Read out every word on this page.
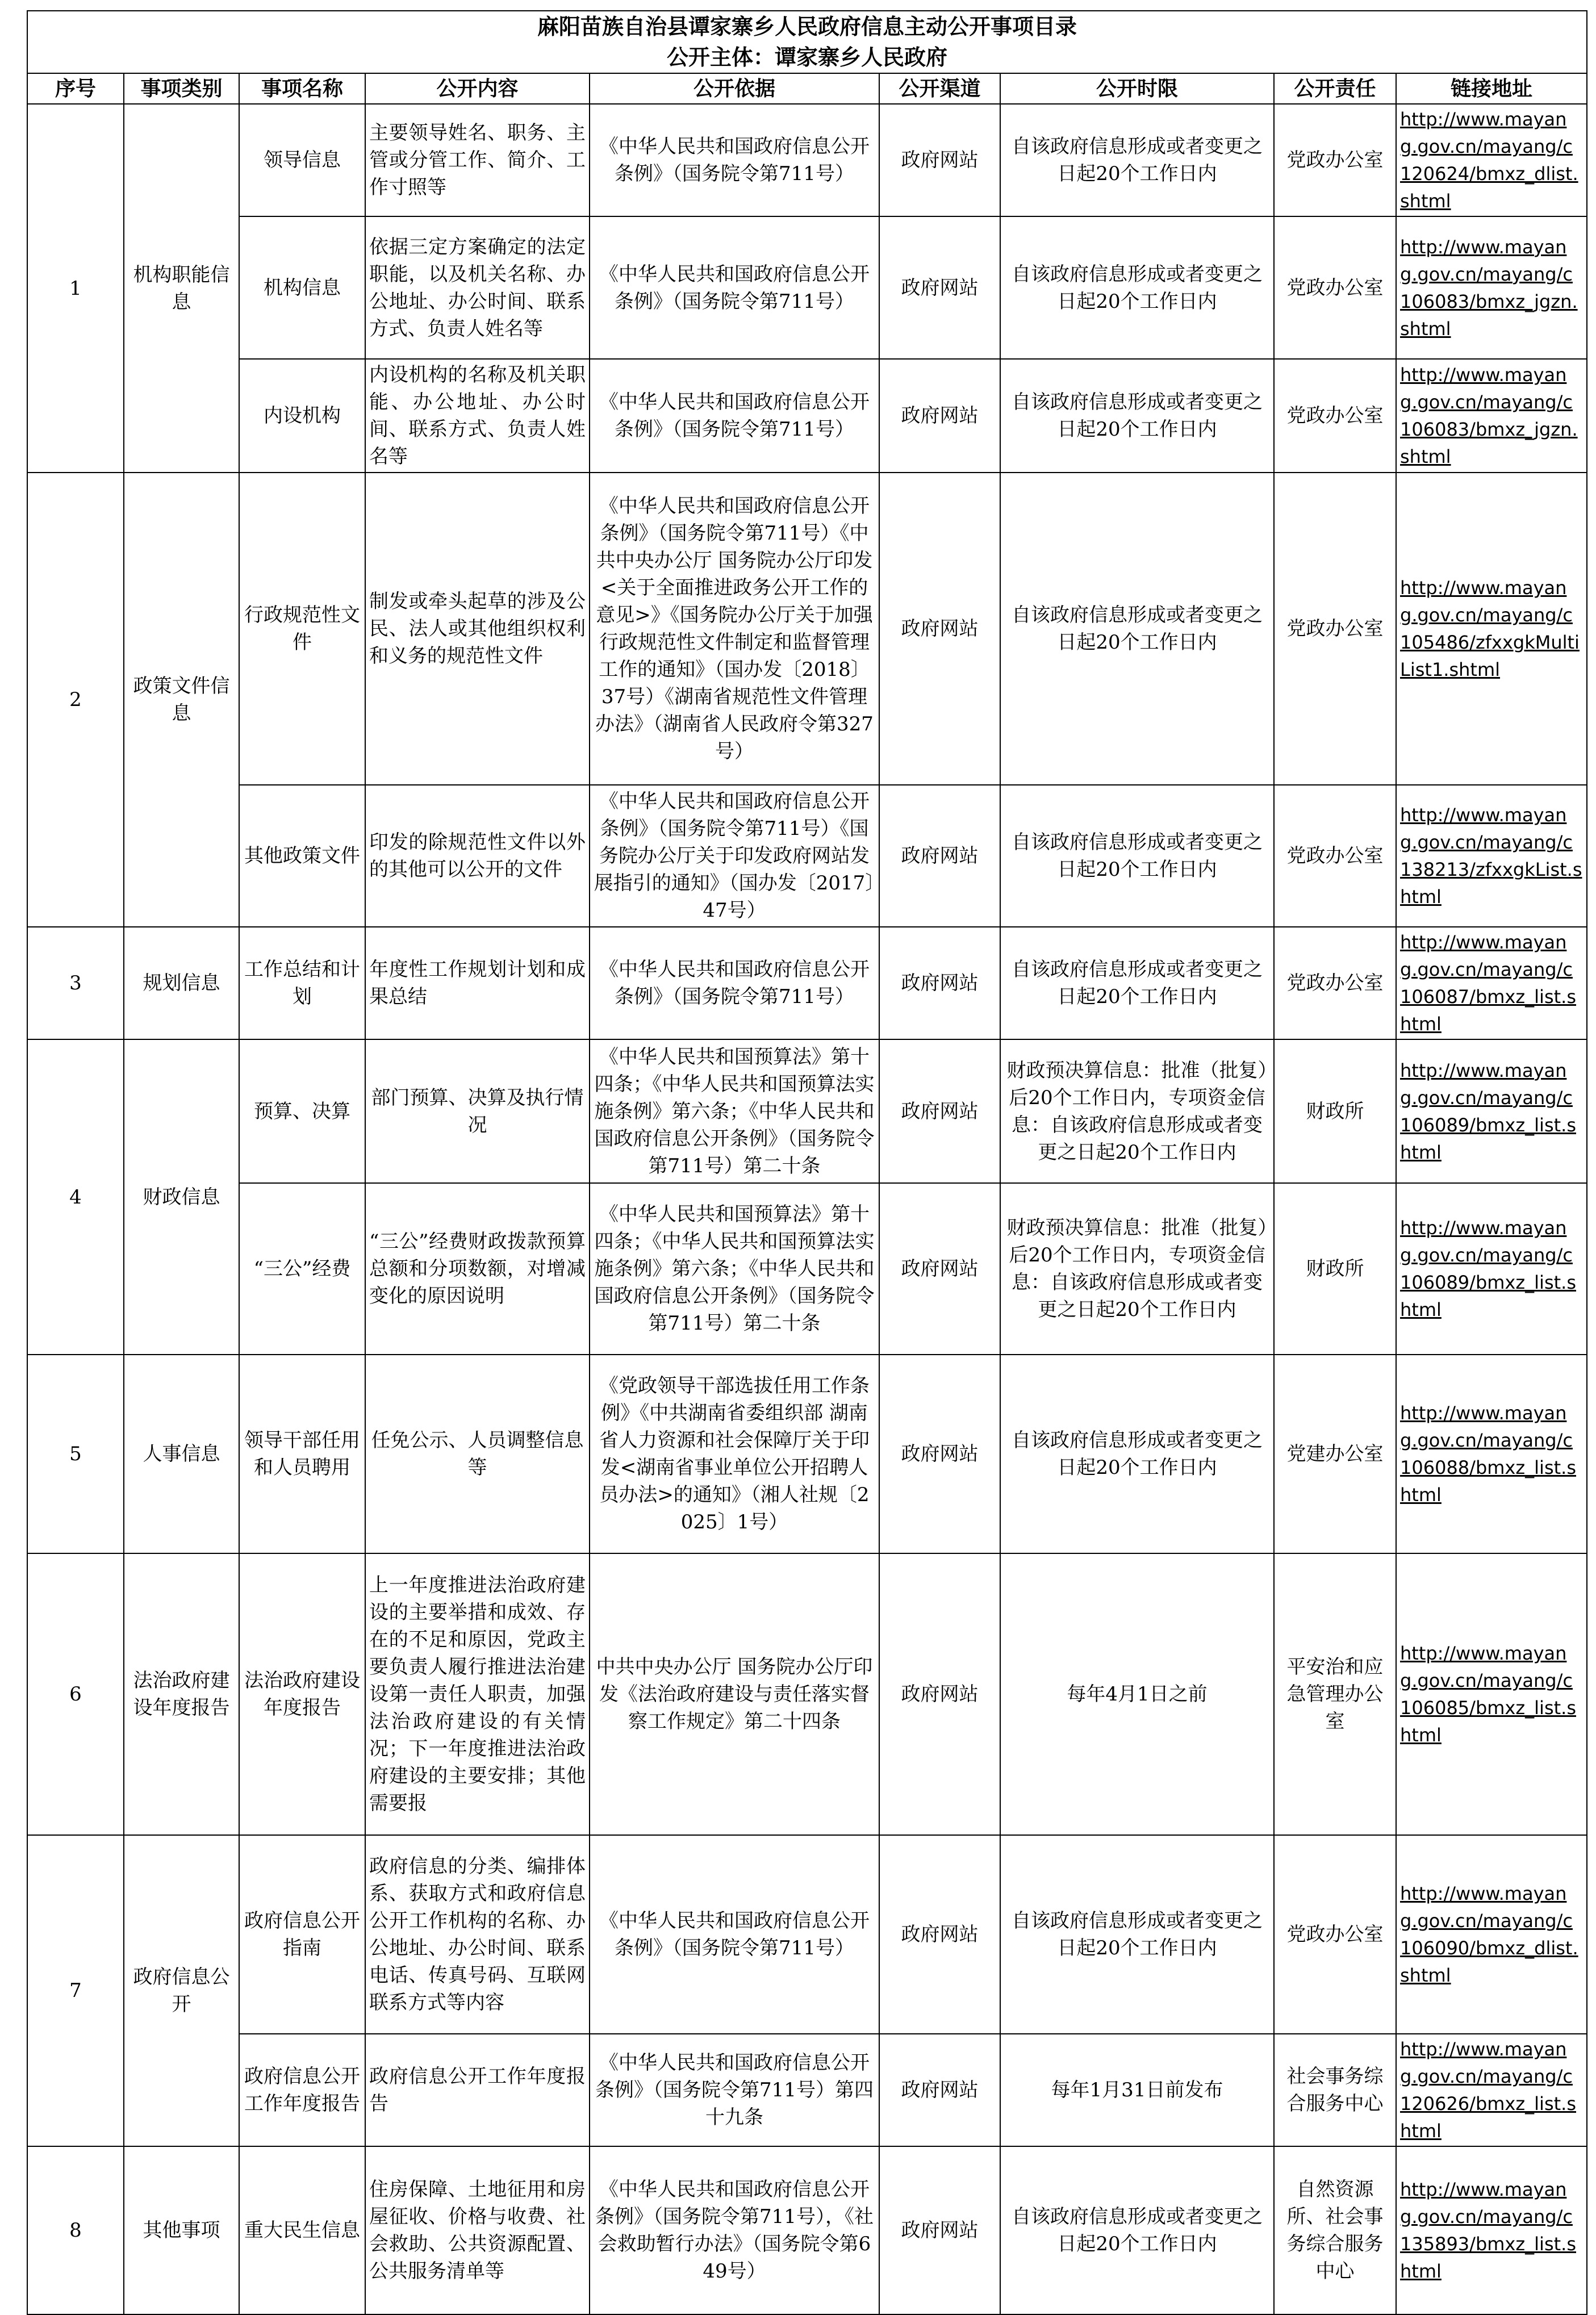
麻阳苗族自治县谭家寨乡人民政府信息主动公开事项目录								
公开主体：谭家寨乡人民政府								
序号	事项类别	事项名称	公开内容	公开依据	公开渠道	公开时限	公开责任	链接地址
1	机构职能信息	领导信息	主要领导姓名、职务、主管或分管工作、简介、工作寸照等	《中华人民共和国政府信息公开条例》（国务院令第711号）	政府网站	自该政府信息形成或者变更之日起20个工作日内	党政办公室	http://www.mayang.gov.cn/mayang/c120624/bmxz_dlist.shtml
		机构信息	依据三定方案确定的法定职能，以及机关名称、办公地址、办公时间、联系方式、负责人姓名等	《中华人民共和国政府信息公开条例》（国务院令第711号）	政府网站	自该政府信息形成或者变更之日起20个工作日内	党政办公室	http://www.mayang.gov.cn/mayang/c106083/bmxz_jgzn.shtml
		内设机构	内设机构的名称及机关职能、办公地址、办公时间、联系方式、负责人姓名等	《中华人民共和国政府信息公开条例》（国务院令第711号）	政府网站	自该政府信息形成或者变更之日起20个工作日内	党政办公室	http://www.mayang.gov.cn/mayang/c106083/bmxz_jgzn.shtml
2	政策文件信息	行政规范性文件	制发或牵头起草的涉及公民、法人或其他组织权利和义务的规范性文件	《中华人民共和国政府信息公开条例》（国务院令第711号）《中共中央办公厅 国务院办公厅印发<关于全面推进政务公开工作的意见>》《国务院办公厅关于加强行政规范性文件制定和监督管理工作的通知》（国办发〔2018〕37号）《湖南省规范性文件管理办法》（湖南省人民政府令第327号）	政府网站	自该政府信息形成或者变更之日起20个工作日内	党政办公室	http://www.mayang.gov.cn/mayang/c105486/zfxxgkMultiList1.shtml
		其他政策文件	印发的除规范性文件以外的其他可以公开的文件	《中华人民共和国政府信息公开条例》（国务院令第711号）《国务院办公厅关于印发政府网站发展指引的通知》（国办发〔2017〕47号）	政府网站	自该政府信息形成或者变更之日起20个工作日内	党政办公室	http://www.mayang.gov.cn/mayang/c138213/zfxxgkList.shtml
3	规划信息	工作总结和计划	年度性工作规划计划和成果总结	《中华人民共和国政府信息公开条例》（国务院令第711号）	政府网站	自该政府信息形成或者变更之日起20个工作日内	党政办公室	http://www.mayang.gov.cn/mayang/c106087/bmxz_list.shtml
4	财政信息	预算、决算	部门预算、决算及执行情况	《中华人民共和国预算法》第十四条；《中华人民共和国预算法实施条例》第六条；《中华人民共和国政府信息公开条例》（国务院令第711号）第二十条	政府网站	财政预决算信息：批准（批复）后20个工作日内，专项资金信息：自该政府信息形成或者变更之日起20个工作日内	财政所	http://www.mayang.gov.cn/mayang/c106089/bmxz_list.shtml
		“三公”经费	“三公”经费财政拨款预算总额和分项数额，对增减变化的原因说明	《中华人民共和国预算法》第十四条；《中华人民共和国预算法实施条例》第六条；《中华人民共和国政府信息公开条例》（国务院令第711号）第二十条	政府网站	财政预决算信息：批准（批复）后20个工作日内，专项资金信息：自该政府信息形成或者变更之日起20个工作日内	财政所	http://www.mayang.gov.cn/mayang/c106089/bmxz_list.shtml
5	人事信息	领导干部任用和人员聘用	任免公示、人员调整信息等	《党政领导干部选拔任用工作条例》《中共湖南省委组织部 湖南省人力资源和社会保障厅关于印发<湖南省事业单位公开招聘人员办法>的通知》（湘人社规〔2025〕1号）	政府网站	自该政府信息形成或者变更之日起20个工作日内	党建办公室	http://www.mayang.gov.cn/mayang/c106088/bmxz_list.shtml
6	法治政府建设年度报告	法治政府建设年度报告	上一年度推进法治政府建设的主要举措和成效、存在的不足和原因，党政主要负责人履行推进法治建设第一责任人职责，加强法治政府建设的有关情况；下一年度推进法治政府建设的主要安排；其他需要报	中共中央办公厅 国务院办公厅印发《法治政府建设与责任落实督察工作规定》第二十四条	政府网站	每年4月1日之前	平安治和应急管理办公室	http://www.mayang.gov.cn/mayang/c106085/bmxz_list.shtml
7	政府信息公开	政府信息公开指南	政府信息的分类、编排体系、获取方式和政府信息公开工作机构的名称、办公地址、办公时间、联系电话、传真号码、互联网联系方式等内容	《中华人民共和国政府信息公开条例》（国务院令第711号）	政府网站	自该政府信息形成或者变更之日起20个工作日内	党政办公室	http://www.mayang.gov.cn/mayang/c106090/bmxz_dlist.shtml
		政府信息公开工作年度报告	政府信息公开工作年度报告	《中华人民共和国政府信息公开条例》（国务院令第711号）第四十九条	政府网站	每年1月31日前发布	社会事务综合服务中心	http://www.mayang.gov.cn/mayang/c120626/bmxz_list.shtml
8	其他事项	重大民生信息	住房保障、土地征用和房屋征收、价格与收费、社会救助、公共资源配置、公共服务清单等	《中华人民共和国政府信息公开条例》（国务院令第711号），《社会救助暂行办法》（国务院令第649号）	政府网站	自该政府信息形成或者变更之日起20个工作日内	自然资源所、社会事务综合服务中心	http://www.mayang.gov.cn/mayang/c135893/bmxz_list.shtml
